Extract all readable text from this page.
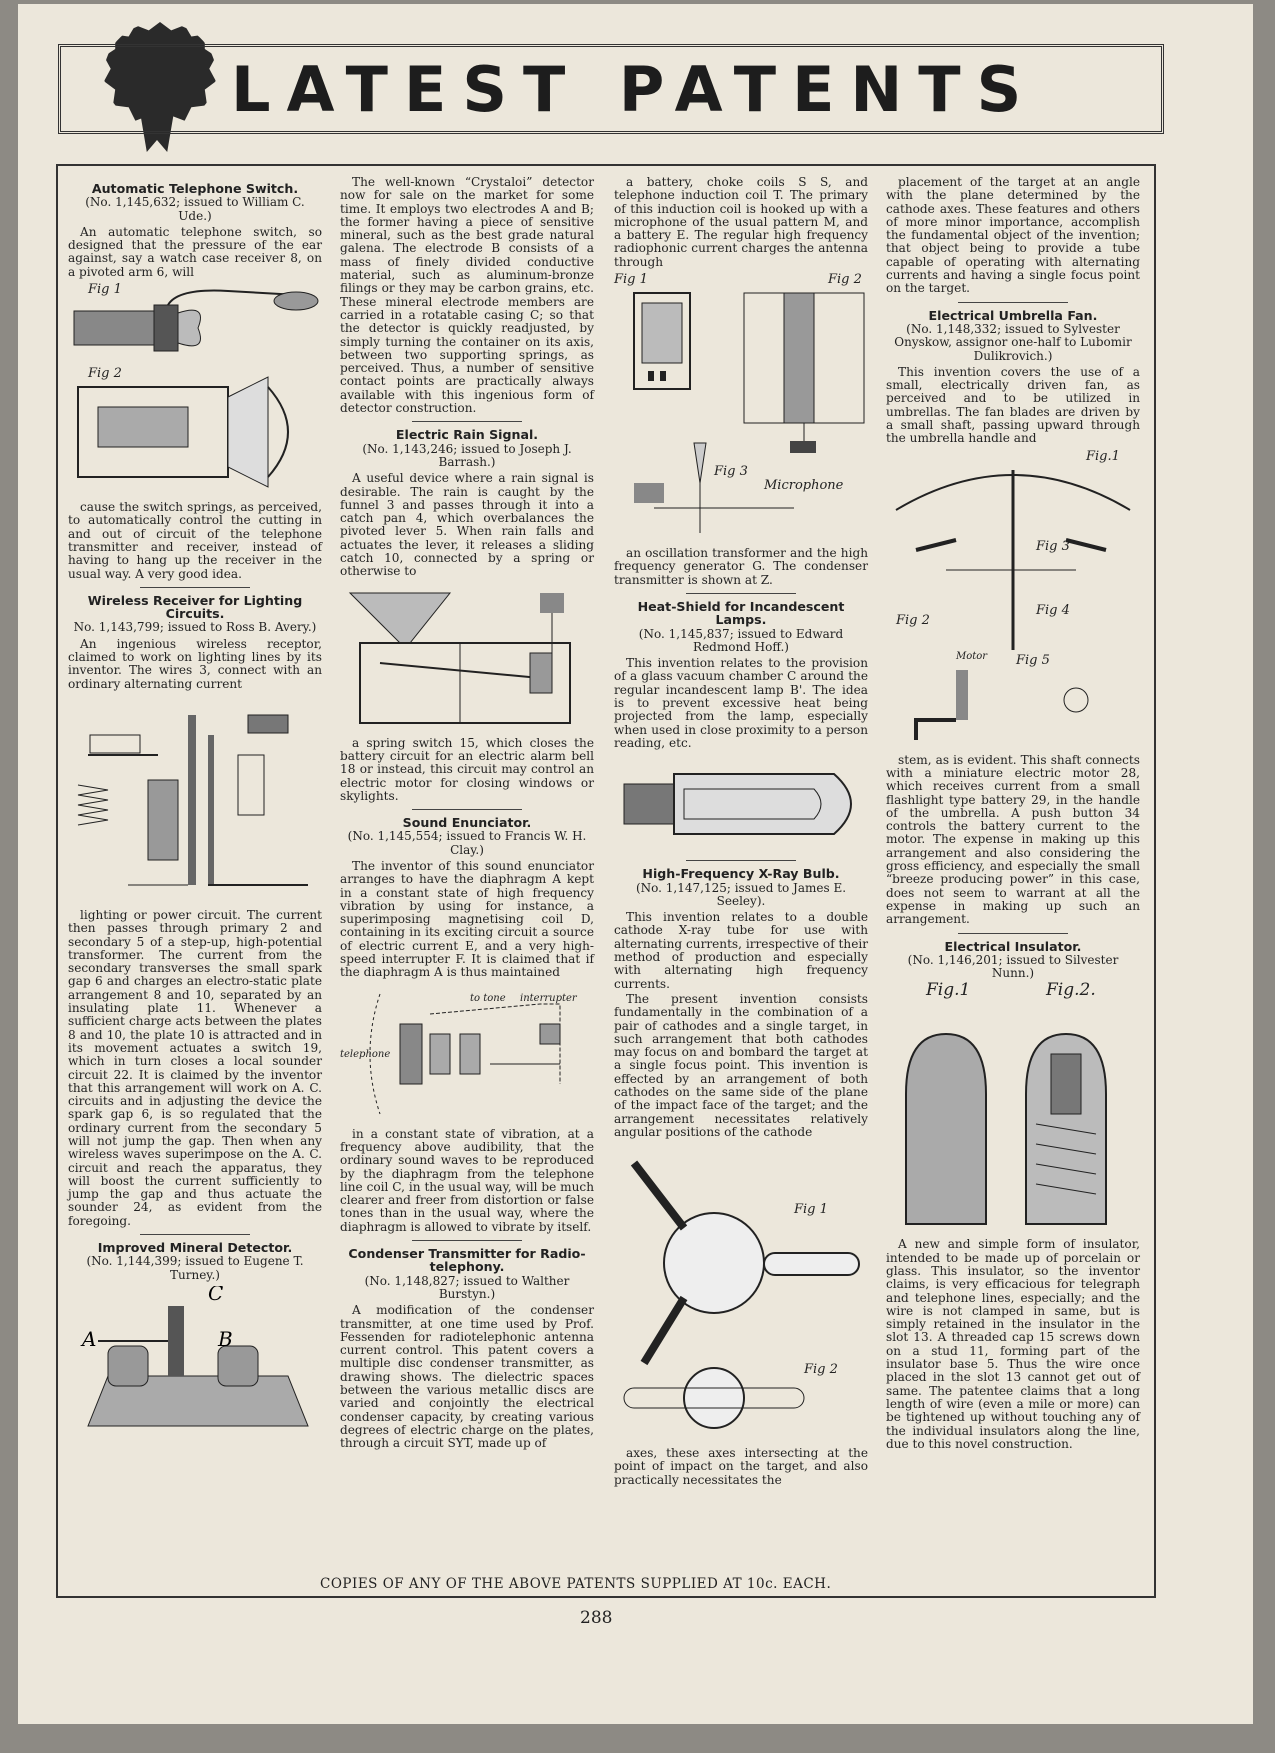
LATEST PATENTS
Automatic Telephone Switch.
(No. 1,145,632; issued to William C. Ude.)

An automatic telephone switch, so designed that the pressure of the ear against, say a watch case receiver 8, on a pivoted arm 6, will

Fig 1
Fig 2

cause the switch springs, as perceived, to automatically control the cutting in and out of circuit of the telephone transmitter and receiver, instead of having to hang up the receiver in the usual way. A very good idea.

Wireless Receiver for Lighting Circuits.
No. 1,143,799; issued to Ross B. Avery.)

An ingenious wireless receptor, claimed to work on lighting lines by its inventor. The wires 3, connect with an ordinary alternating current

lighting or power circuit. The current then passes through primary 2 and secondary 5 of a step-up, high-potential transformer. The current from the secondary transverses the small spark gap 6 and charges an electro-static plate arrangement 8 and 10, separated by an insulating plate 11. Whenever a sufficient charge acts between the plates 8 and 10, the plate 10 is attracted and in its movement actuates a switch 19, which in turn closes a local sounder circuit 22. It is claimed by the inventor that this arrangement will work on A. C. circuits and in adjusting the device the spark gap 6, is so regulated that the ordinary current from the secondary 5 will not jump the gap. Then when any wireless waves superimpose on the A. C. circuit and reach the apparatus, they will boost the current sufficiently to jump the gap and thus actuate the sounder 24, as evident from the foregoing.

Improved Mineral Detector.
(No. 1,144,399; issued to Eugene T. Turney.)
A	B
C

The well-known “Crystaloi” detector now for sale on the market for some time. It employs two electrodes A and B; the former having a piece of sensitive mineral, such as the best grade natural galena. The electrode B consists of a mass of finely divided conductive material, such as aluminum-bronze filings or they may be carbon grains, etc. These mineral electrode members are carried in a rotatable casing C; so that the detector is quickly readjusted, by simply turning the container on its axis, between two supporting springs, as perceived. Thus, a number of sensitive contact points are practically always available with this ingenious form of detector construction.

Electric Rain Signal.
(No. 1,143,246; issued to Joseph J. Barrash.)

A useful device where a rain signal is desirable. The rain is caught by the funnel 3 and passes through it into a catch pan 4, which overbalances the pivoted lever 5. When rain falls and actuates the lever, it releases a sliding catch 10, connected by a spring or otherwise to

a spring switch 15, which closes the battery circuit for an electric alarm bell 18 or instead, this circuit may control an electric motor for closing windows or skylights.

Sound Enunciator.
(No. 1,145,554; issued to Francis W. H. Clay.)

The inventor of this sound enunciator arranges to have the diaphragm A kept in a constant state of high frequency vibration by using for instance, a superimposing magnetising coil D, containing in its exciting circuit a source of electric current E, and a very high-speed interrupter F. It is claimed that if the diaphragm A is thus maintained

to tone interrupter
telephone

in a constant state of vibration, at a frequency above audibility, that the ordinary sound waves to be reproduced by the diaphragm from the telephone line coil C, in the usual way, will be much clearer and freer from distortion or false tones than in the usual way, where the diaphragm is allowed to vibrate by itself.

Condenser Transmitter for Radio-telephony.
(No. 1,148,827; issued to Walther Burstyn.)

A modification of the condenser transmitter, at one time used by Prof. Fessenden for radiotelephonic antenna current control. This patent covers a multiple disc condenser transmitter, as drawing shows. The dielectric spaces between the various metallic discs are varied and conjointly the electrical condenser capacity, by creating various degrees of electric charge on the plates, through a circuit SYT, made up of

a battery, choke coils S S, and telephone induction coil T. The primary of this induction coil is hooked up with a microphone of the usual pattern M, and a battery E. The regular high frequency radiophonic current charges the antenna through

Fig 1	Fig 2
Fig 3
Microphone

an oscillation transformer and the high frequency generator G. The condenser transmitter is shown at Z.

Heat-Shield for Incandescent Lamps.
(No. 1,145,837; issued to Edward Redmond Hoff.)

This invention relates to the provision of a glass vacuum chamber C around the regular incandescent lamp B'. The idea is to prevent excessive heat being projected from the lamp, especially when used in close proximity to a person reading, etc.

High-Frequency X-Ray Bulb.
(No. 1,147,125; issued to James E. Seeley).

This invention relates to a double cathode X-ray tube for use with alternating currents, irrespective of their method of production and especially with alternating high frequency currents.

The present invention consists fundamentally in the combination of a pair of cathodes and a single target, in such arrangement that both cathodes may focus on and bombard the target at a single focus point. This invention is effected by an arrangement of both cathodes on the same side of the plane of the impact face of the target; and the arrangement necessitates relatively angular positions of the cathode

Fig 1
Fig 2

axes, these axes intersecting at the point of impact on the target, and also practically necessitates the

placement of the target at an angle with the plane determined by the cathode axes. These features and others of more minor importance, accomplish the fundamental object of the invention; that object being to provide a tube capable of operating with alternating currents and having a single focus point on the target.

Electrical Umbrella Fan.
(No. 1,148,332; issued to Sylvester Onyskow, assignor one-half to Lubomir Dulikrovich.)

This invention covers the use of a small, electrically driven fan, as perceived and to be utilized in umbrellas. The fan blades are driven by a small shaft, passing upward through the umbrella handle and

Fig.1
Fig 2
Fig 3
Fig 4
Fig 5
Motor

stem, as is evident. This shaft connects with a miniature electric motor 28, which receives current from a small flashlight type battery 29, in the handle of the umbrella. A push button 34 controls the battery current to the motor. The expense in making up this arrangement and also considering the gross efficiency, and especially the small “breeze producing power” in this case, does not seem to warrant at all the expense in making up such an arrangement.

Electrical Insulator.
(No. 1,146,201; issued to Silvester Nunn.)
Fig.1	Fig.2.

A new and simple form of insulator, intended to be made up of porcelain or glass. This insulator, so the inventor claims, is very efficacious for telegraph and telephone lines, especially; and the wire is not clamped in same, but is simply retained in the insulator in the slot 13. A threaded cap 15 screws down on a stud 11, forming part of the insulator base 5. Thus the wire once placed in the slot 13 cannot get out of same. The patentee claims that a long length of wire (even a mile or more) can be tightened up without touching any of the individual insulators along the line, due to this novel construction.

COPIES OF ANY OF THE ABOVE PATENTS SUPPLIED AT 10c. EACH.
288
